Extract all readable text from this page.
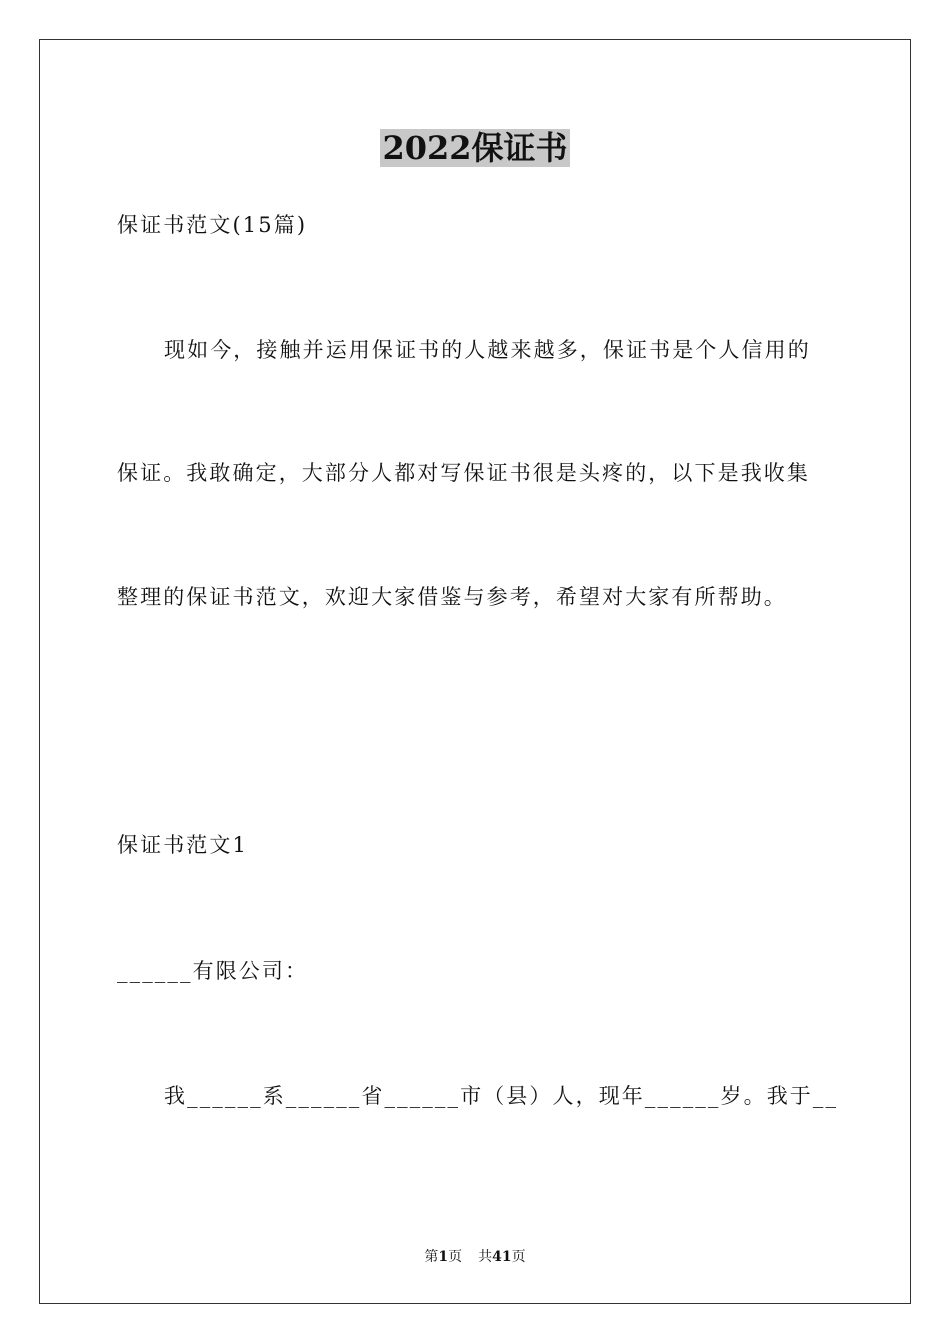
2022保证书

保证书范文(15篇)

现如今，接触并运用保证书的人越来越多，保证书是个人信用的

保证。我敢确定，大部分人都对写保证书很是头疼的，以下是我收集

整理的保证书范文，欢迎大家借鉴与参考，希望对大家有所帮助。

保证书范文1

______有限公司：

我______系______省______市（县）人，现年______岁。我于__

第1页 共41页
